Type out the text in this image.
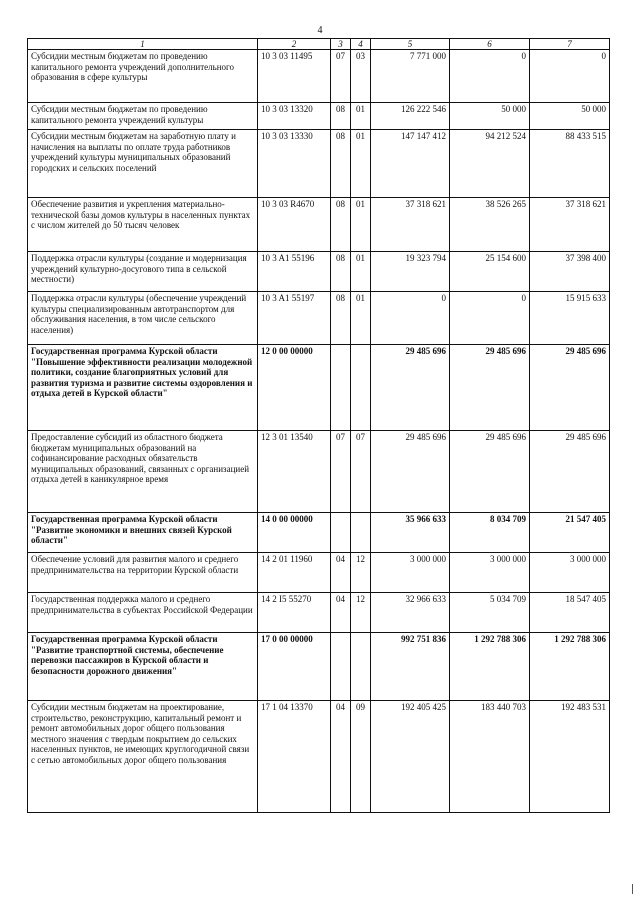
4
1	2	3	4	5	6	7
Субсидии местным бюджетам по проведению капитального ремонта учреждений дополнительного образования в сфере культуры	10 3 03 11495	07	03	7 771 000	0	0
Субсидии местным бюджетам по проведению капитального ремонта учреждений культуры	10 3 03 13320	08	01	126 222 546	50 000	50 000
Субсидии местным бюджетам на заработную плату и начисления на выплаты по оплате труда работников учреждений культуры муниципальных образований городских и сельских поселений	10 3 03 13330	08	01	147 147 412	94 212 524	88 433 515
Обеспечение развития и укрепления материально-технической базы домов культуры в населенных пунктах с числом жителей до 50 тысяч человек	10 3 03 R4670	08	01	37 318 621	38 526 265	37 318 621
Поддержка отрасли культуры (создание и модернизация учреждений культурно-досугового типа в сельской местности)	10 3 A1 55196	08	01	19 323 794	25 154 600	37 398 400
Поддержка отрасли культуры (обеспечение учреждений культуры специализированным автотранспортом для обслуживания населения, в том числе сельского населения)	10 3 A1 55197	08	01	0	0	15 915 633
Государственная программа Курской области "Повышение эффективности реализации молодежной политики, создание благоприятных условий для развития туризма и развитие системы оздоровления и отдыха детей в Курской области"	12 0 00 00000			29 485 696	29 485 696	29 485 696
Предоставление субсидий из областного бюджета бюджетам муниципальных образований на софинансирование расходных обязательств муниципальных образований, связанных с организацией отдыха детей в каникулярное время	12 3 01 13540	07	07	29 485 696	29 485 696	29 485 696
Государственная программа Курской области "Развитие экономики и внешних связей Курской области"	14 0 00 00000			35 966 633	8 034 709	21 547 405
Обеспечение условий для развития малого и среднего предпринимательства на территории Курской области	14 2 01 11960	04	12	3 000 000	3 000 000	3 000 000
Государственная поддержка малого и среднего предпринимательства в субъектах Российской Федерации	14 2 I5 55270	04	12	32 966 633	5 034 709	18 547 405
Государственная программа Курской области "Развитие транспортной системы, обеспечение перевозки пассажиров в Курской области и безопасности дорожного движения"	17 0 00 00000			992 751 836	1 292 788 306	1 292 788 306
Субсидии местным бюджетам на проектирование, строительство, реконструкцию, капитальный ремонт и ремонт автомобильных дорог общего пользования местного значения с твердым покрытием до сельских населенных пунктов, не имеющих круглогодичной связи с сетью автомобильных дорог общего пользования	17 1 04 13370	04	09	192 405 425	183 440 703	192 483 531
